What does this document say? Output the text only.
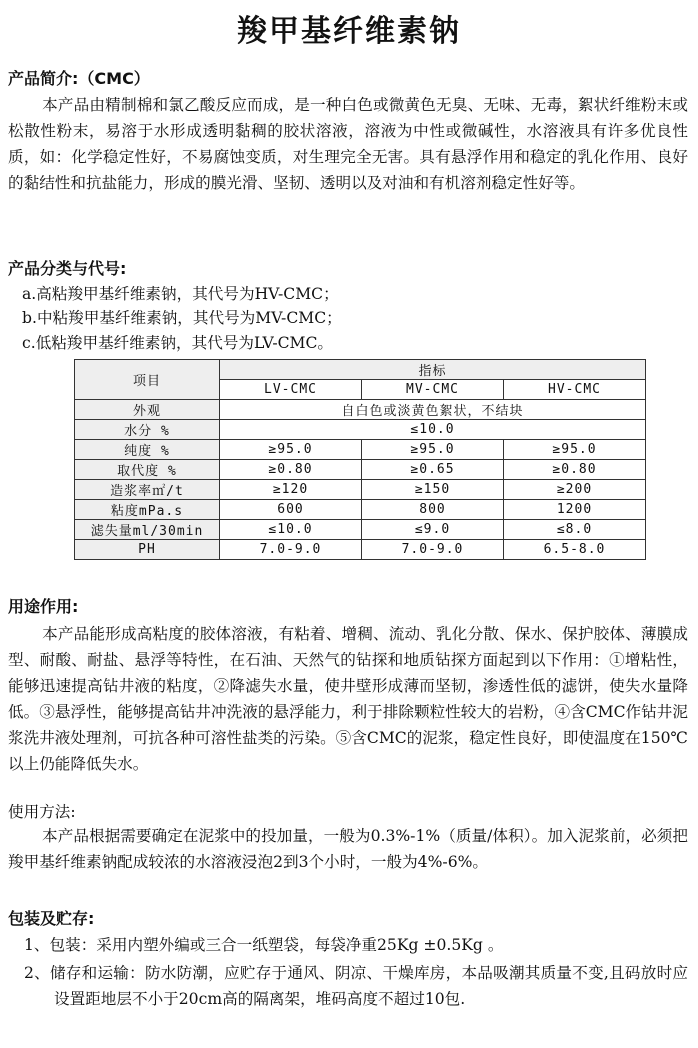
羧甲基纤维素钠
产品简介:（CMC）

本产品由精制棉和氯乙酸反应而成，是一种白色或微黄色无臭、无味、无毒，絮状纤维粉末或松散性粉末，易溶于水形成透明黏稠的胶状溶液，溶液为中性或微碱性，水溶液具有许多优良性质，如：化学稳定性好，不易腐蚀变质，对生理完全无害。具有悬浮作用和稳定的乳化作用、良好的黏结性和抗盐能力，形成的膜光滑、坚韧、透明以及对油和有机溶剂稳定性好等。

产品分类与代号:
a.高粘羧甲基纤维素钠，其代号为HV-CMC；
b.中粘羧甲基纤维素钠，其代号为MV-CMC；
c.低粘羧甲基纤维素钠，其代号为LV-CMC。
项目	指标		
	LV-CMC	MV-CMC	HV-CMC
外观	自白色或淡黄色絮状，不结块		
水分 %	≤10.0		
纯度 %	≥95.0	≥95.0	≥95.0
取代度 %	≥0.80	≥0.65	≥0.80
造浆率㎡/t	≥120	≥150	≥200
粘度mPa.s	600	800	1200
滤失量ml/30min	≤10.0	≤9.0	≤8.0
PH	7.0-9.0	7.0-9.0	6.5-8.0
用途作用:

本产品能形成高粘度的胶体溶液，有粘着、增稠、流动、乳化分散、保水、保护胶体、薄膜成型、耐酸、耐盐、悬浮等特性，在石油、天然气的钻探和地质钻探方面起到以下作用：①增粘性，能够迅速提高钻井液的粘度，②降滤失水量，使井壁形成薄而坚韧，渗透性低的滤饼，使失水量降低。③悬浮性，能够提高钻井冲洗液的悬浮能力，利于排除颗粒性较大的岩粉，④含CMC作钻井泥浆洗井液处理剂，可抗各种可溶性盐类的污染。⑤含CMC的泥浆，稳定性良好，即使温度在150℃以上仍能降低失水。

使用方法:

本产品根据需要确定在泥浆中的投加量，一般为0.3%-1%（质量/体积）。加入泥浆前，必须把羧甲基纤维素钠配成较浓的水溶液浸泡2到3个小时，一般为4%-6%。

包装及贮存:
1、包装：采用内塑外编或三合一纸塑袋，每袋净重25Kg ±0.5Kg 。

2、储存和运输：防水防潮，应贮存于通风、阴凉、干燥库房，本品吸潮其质量不变,且码放时应设置距地层不小于20cm高的隔离架，堆码高度不超过10包.
